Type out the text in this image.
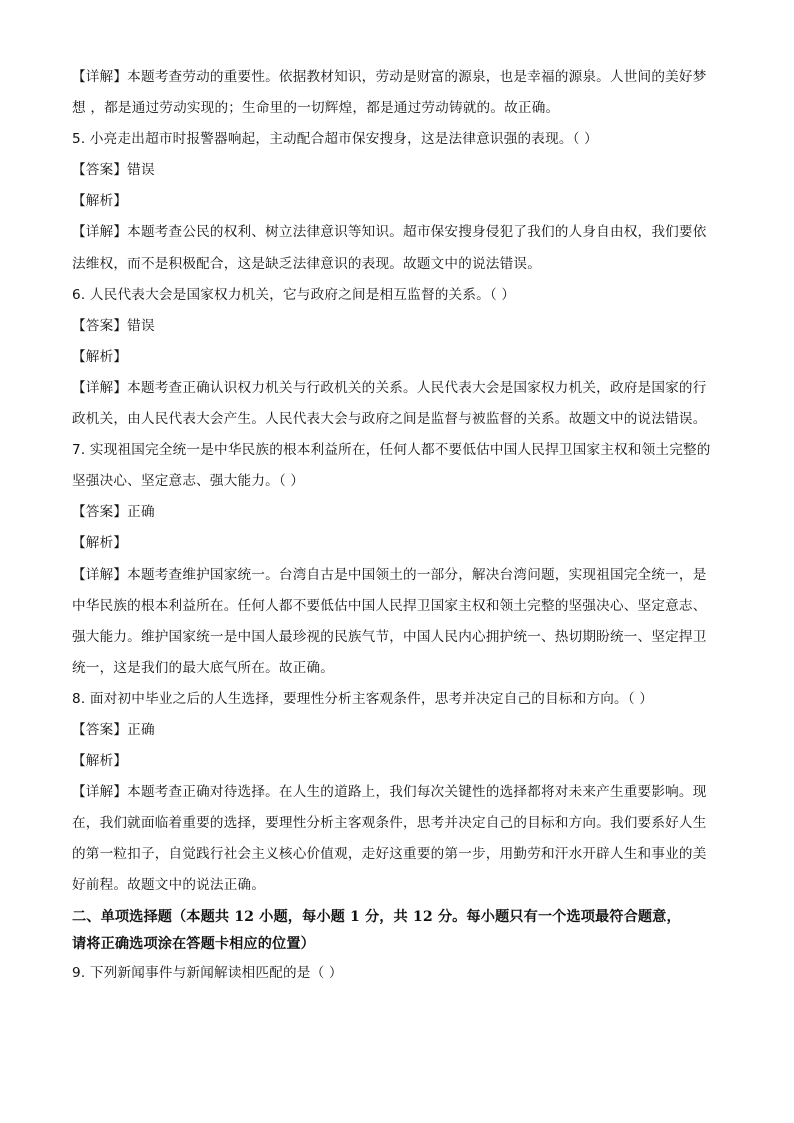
【详解】本题考查劳动的重要性。依据教材知识，劳动是财富的源泉，也是幸福的源泉。人世间的美好梦
想 ，都是通过劳动实现的；生命里的一切辉煌，都是通过劳动铸就的。故正确。
5. 小亮走出超市时报警器响起，主动配合超市保安搜身，这是法律意识强的表现。（ ）
【答案】错误
【解析】
【详解】本题考查公民的权利、树立法律意识等知识。超市保安搜身侵犯了我们的人身自由权，我们要依
法维权，而不是积极配合，这是缺乏法律意识的表现。故题文中的说法错误。
6. 人民代表大会是国家权力机关，它与政府之间是相互监督的关系。（ ）
【答案】错误
【解析】
【详解】本题考查正确认识权力机关与行政机关的关系。人民代表大会是国家权力机关，政府是国家的行
政机关，由人民代表大会产生。人民代表大会与政府之间是监督与被监督的关系。故题文中的说法错误。
7. 实现祖国完全统一是中华民族的根本利益所在，任何人都不要低估中国人民捍卫国家主权和领土完整的
坚强决心、坚定意志、强大能力。（ ）
【答案】正确
【解析】
【详解】本题考查维护国家统一。台湾自古是中国领土的一部分，解决台湾问题，实现祖国完全统一，是
中华民族的根本利益所在。任何人都不要低估中国人民捍卫国家主权和领土完整的坚强决心、坚定意志、
强大能力。维护国家统一是中国人最珍视的民族气节，中国人民内心拥护统一、热切期盼统一、坚定捍卫
统一，这是我们的最大底气所在。故正确。
8. 面对初中毕业之后的人生选择，要理性分析主客观条件，思考并决定自己的目标和方向。（ ）
【答案】正确
【解析】
【详解】本题考查正确对待选择。在人生的道路上，我们每次关键性的选择都将对未来产生重要影响。现
在，我们就面临着重要的选择，要理性分析主客观条件，思考并决定自己的目标和方向。我们要系好人生
的第一粒扣子，自觉践行社会主义核心价值观，走好这重要的第一步，用勤劳和汗水开辟人生和事业的美
好前程。故题文中的说法正确。
二、单项选择题（本题共 12 小题，每小题 1 分，共 12 分。每小题只有一个选项最符合题意，
请将正确选项涂在答题卡相应的位置）
9. 下列新闻事件与新闻解读相匹配的是（ ）
